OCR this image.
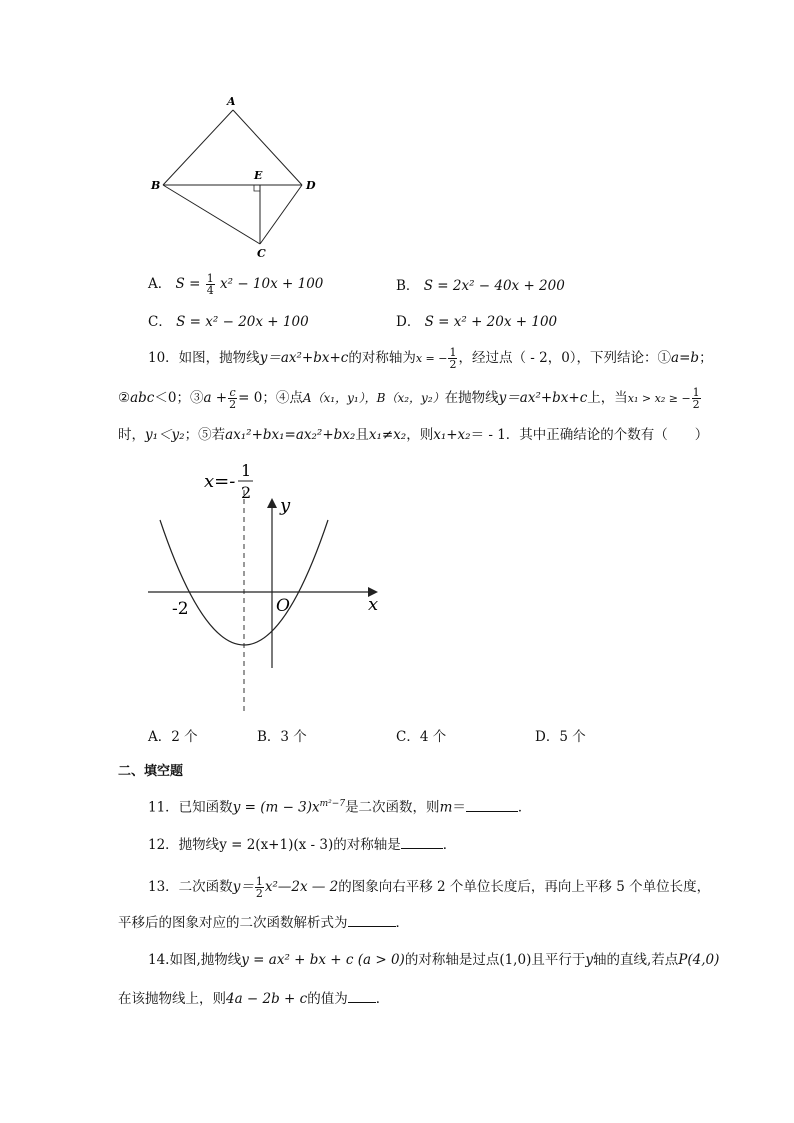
A
B
E
D
C
A． $S = \frac{1}{4} x^2 - 10x + 100$	B． S = 2x² − 40x + 200
C． S = x² − 20x + 100	D． S = x² + 20x + 100
10．如图，抛物线y＝ax²+bx+c的对称轴为x = − $\frac{1}{2}$ ，经过点（ - 2，0），下列结论：①a=b；
②abc＜0；③a + $\frac{c}{2} = 0$；④点A（x₁，y₁），B（x₂，y₂）在抛物线y＝ax²+bx+c上，当x₁ > x₂ ≥ − $\frac{1}{2}$
时，y₁＜y₂；⑤若ax₁²+bx₁=ax₂²+bx₂且x₁≠x₂，则x₁+x₂＝ - 1．其中正确结论的个数有（　　）
x=-
1
2
y
x
O
-2
A．2 个	B．3 个	C．4 个	D．5 个
二、填空题
11．已知函数$y = (m - 3)x^{m^2-7}$是二次函数，则m＝	．
12．抛物线y = 2(x+1)(x - 3)的对称轴是	．
13．二次函数$y= \frac{1}{2}$ x²—2x — 2的图象向右平移 2 个单位长度后，再向上平移 5 个单位长度，
平移后的图象对应的二次函数解析式为	．
14.如图,抛物线y = ax² + bx + c (a > 0)的对称轴是过点(1,0)且平行于y轴的直线,若点P(4,0)
在该抛物线上，则4a − 2b + c的值为 ．
